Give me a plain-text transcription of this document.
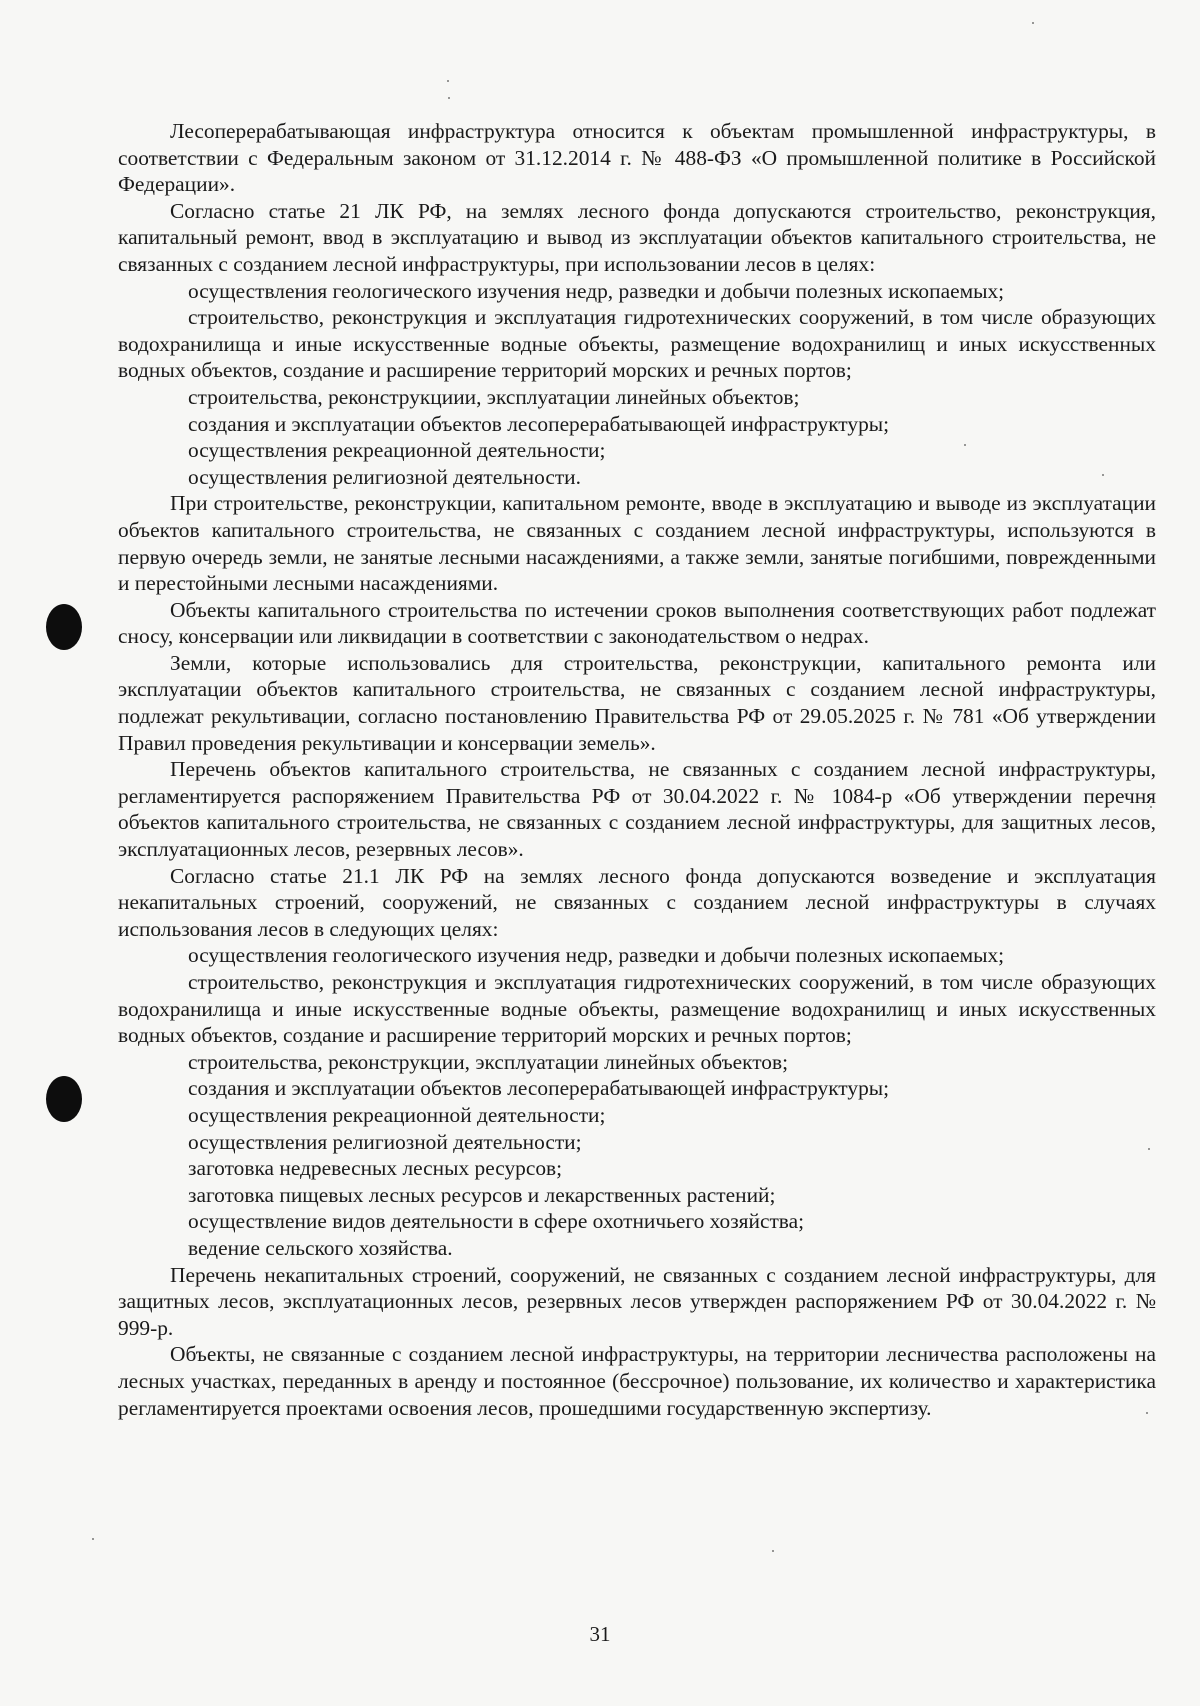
Лесоперерабатывающая инфраструктура относится к объектам промышленной инфраструктуры, в соответствии с Федеральным законом от 31.12.2014 г. № 488-ФЗ «О промышленной политике в Российской Федерации».

Согласно статье 21 ЛК РФ, на землях лесного фонда допускаются строительство, реконструкция, капитальный ремонт, ввод в эксплуатацию и вывод из эксплуатации объектов капитального строительства, не связанных с созданием лесной инфраструктуры, при использовании лесов в целях:

осуществления геологического изучения недр, разведки и добычи полезных ископаемых;

строительство, реконструкция и эксплуатация гидротехнических сооружений, в том числе образующих водохранилища и иные искусственные водные объекты, размещение водохранилищ и иных искусственных водных объектов, создание и расширение территорий морских и речных портов;

строительства, реконструкциии, эксплуатации линейных объектов;

создания и эксплуатации объектов лесоперерабатывающей инфраструктуры;

осуществления рекреационной деятельности;

осуществления религиозной деятельности.

При строительстве, реконструкции, капитальном ремонте, вводе в эксплуатацию и выводе из эксплуатации объектов капитального строительства, не связанных с созданием лесной инфраструктуры, используются в первую очередь земли, не занятые лесными насаждениями, а также земли, занятые погибшими, поврежденными и перестойными лесными насаждениями.

Объекты капитального строительства по истечении сроков выполнения соответствующих работ подлежат сносу, консервации или ликвидации в соответствии с законодательством о недрах.

Земли, которые использовались для строительства, реконструкции, капитального ремонта или эксплуатации объектов капитального строительства, не связанных с созданием лесной инфраструктуры, подлежат рекультивации, согласно постановлению Правительства РФ от 29.05.2025 г. № 781 «Об утверждении Правил проведения рекультивации и консервации земель».

Перечень объектов капитального строительства, не связанных с созданием лесной инфраструктуры, регламентируется распоряжением Правительства РФ от 30.04.2022 г. № 1084-р «Об утверждении перечня объектов капитального строительства, не связанных с созданием лесной инфраструктуры, для защитных лесов, эксплуатационных лесов, резервных лесов».

Согласно статье 21.1 ЛК РФ на землях лесного фонда допускаются возведение и эксплуатация некапитальных строений, сооружений, не связанных с созданием лесной инфраструктуры в случаях использования лесов в следующих целях:

осуществления геологического изучения недр, разведки и добычи полезных ископаемых;

строительство, реконструкция и эксплуатация гидротехнических сооружений, в том числе образующих водохранилища и иные искусственные водные объекты, размещение водохранилищ и иных искусственных водных объектов, создание и расширение территорий морских и речных портов;

строительства, реконструкции, эксплуатации линейных объектов;

создания и эксплуатации объектов лесоперерабатывающей инфраструктуры;

осуществления рекреационной деятельности;

осуществления религиозной деятельности;

заготовка недревесных лесных ресурсов;

заготовка пищевых лесных ресурсов и лекарственных растений;

осуществление видов деятельности в сфере охотничьего хозяйства;

ведение сельского хозяйства.

Перечень некапитальных строений, сооружений, не связанных с созданием лесной инфраструктуры, для защитных лесов, эксплуатационных лесов, резервных лесов утвержден распоряжением РФ от 30.04.2022 г. № 999-р.

Объекты, не связанные с созданием лесной инфраструктуры, на территории лесничества расположены на лесных участках, переданных в аренду и постоянное (бессрочное) пользование, их количество и характеристика регламентируется проектами освоения лесов, прошедшими государственную экспертизу.

31
